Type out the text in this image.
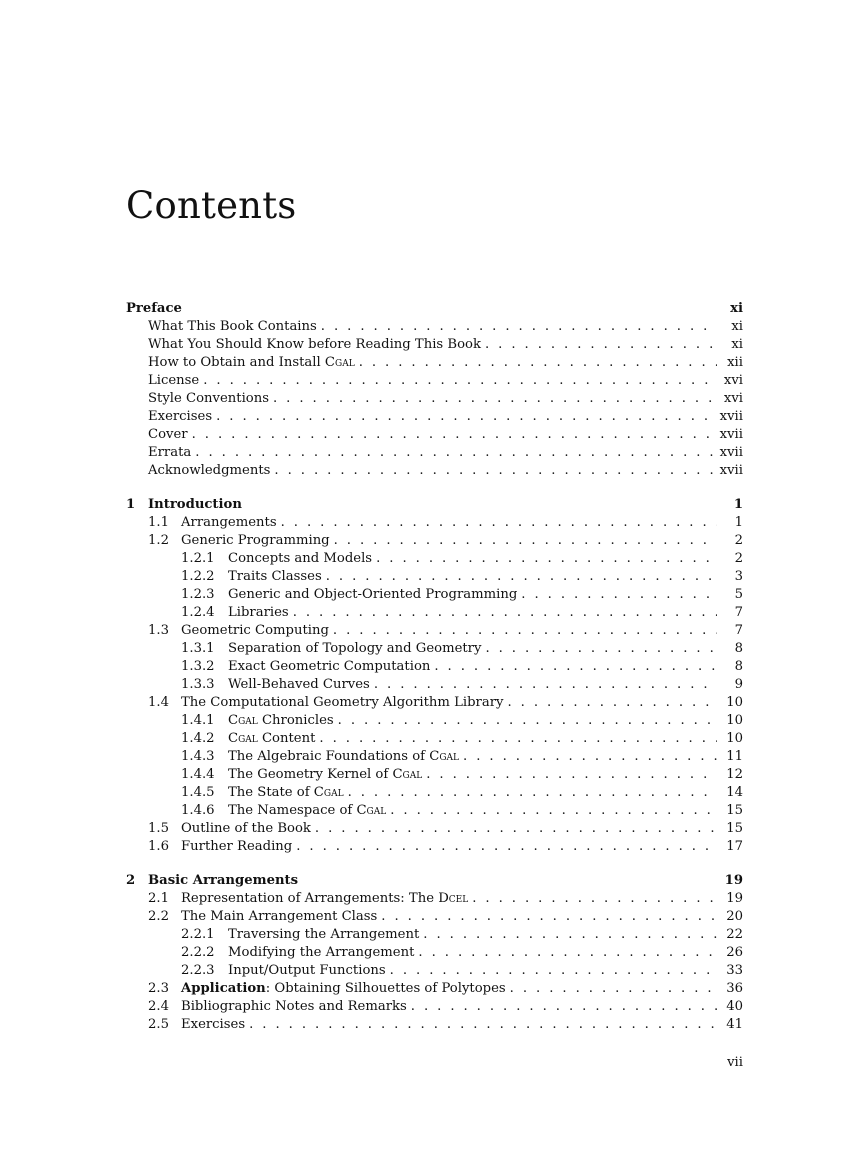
Contents
Preface	xi
What This Book Contains . . .	xi
What You Should Know before Reading This Book . . .	xi
How to Obtain and Install Cgal . . .	xii
License . . .	xvi
Style Conventions . . .	xvi
Exercises . . .	xvii
Cover . . .	xvii
Errata . . .	xvii
Acknowledgments . . .	xvii
1 Introduction	1
1.1 Arrangements . . .	1
1.2 Generic Programming . . .	2
1.2.1	Concepts and Models . . .	2
1.2.2	Traits Classes . . .	3
1.2.3	Generic and Object-Oriented Programming . . .	5
1.2.4	Libraries . . .	7
1.3 Geometric Computing . . .	7
1.3.1	Separation of Topology and Geometry . . .	8
1.3.2	Exact Geometric Computation . . .	8
1.3.3	Well-Behaved Curves . . .	9
1.4 The Computational Geometry Algorithm Library . . .	10
1.4.1	Cgal Chronicles . . .	10
1.4.2	Cgal Content . . .	10
1.4.3	The Algebraic Foundations of Cgal . . .	11
1.4.4	The Geometry Kernel of Cgal . . .	12
1.4.5	The State of Cgal . . .	14
1.4.6	The Namespace of Cgal . . .	15
1.5 Outline of the Book . . .	15
1.6 Further Reading . . .	17
2 Basic Arrangements	19
2.1 Representation of Arrangements: The Dcel . . .	19
2.2 The Main Arrangement Class . . .	20
2.2.1	Traversing the Arrangement . . .	22
2.2.2	Modifying the Arrangement . . .	26
2.2.3	Input/Output Functions . . .	33
2.3 Application: Obtaining Silhouettes of Polytopes . . .	36
2.4 Bibliographic Notes and Remarks . . .	40
2.5 Exercises . . .	41
vii
